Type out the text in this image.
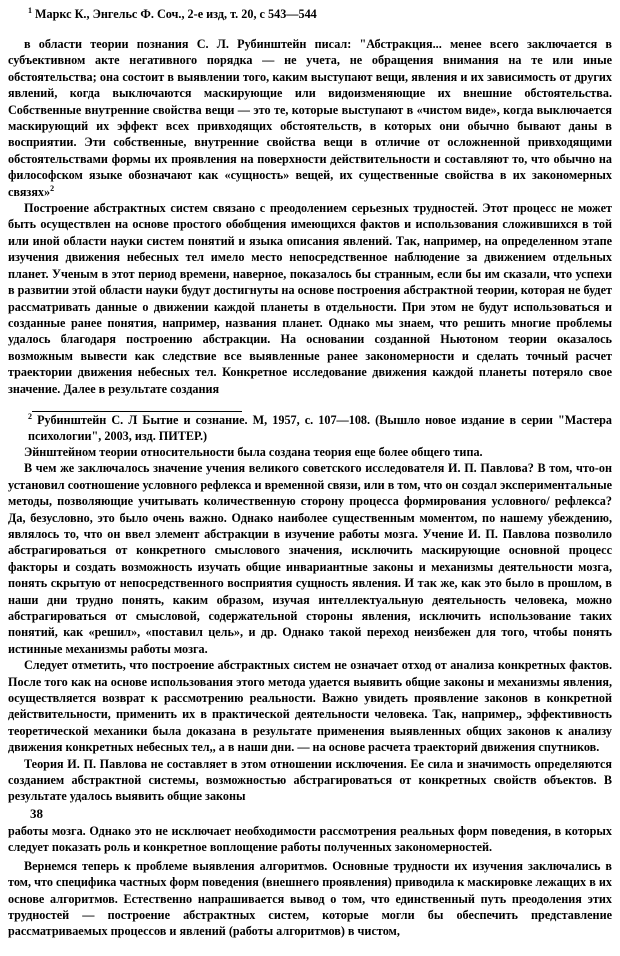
$^1$ Маркс К., Энгельс Ф. Соч., 2-е изд, т. 20, с 543—544

в области теории познания С. Л. Рубинштейн писал: "Абстракция... менее всего заключается в субъективном акте негативного порядка — не учета, не обращения внимания на те или иные обстоятельства; она состоит в выявлении того, каким выступают вещи, явления и их зависимость от других явлений, когда выключаются маскирующие или видоизменяющие их внешние обстоятельства. Собственные внутренние свойства вещи — это те, которые выступают в «чистом виде», когда выключается маскирующий их эффект всех привходящих обстоятельств, в которых они обычно бывают даны в восприятии. Эти собственные, внутренние свойства вещи в отличие от осложненной привходящими обстоятельствами формы их проявления на поверхности действительности и составляют то, что обычно на философском языке обозначают как «сущность» вещей, их существенные свойства в их закономерных связях»$^2$

Построение абстрактных систем связано с преодолением серьезных трудностей. Этот процесс не может быть осуществлен на основе простого обобщения имеющихся фактов и использования сложившихся в той или иной области науки систем понятий и языка описания явлений. Так, например, на определенном этапе изучения движения небесных тел имело место непосредственное наблюдение за движением отдельных планет. Ученым в этот период времени, наверное, показалось бы странным, если бы им сказали, что успехи в развитии этой области науки будут достигнуты на основе построения абстрактной теории, которая не будет рассматривать данные о движении каждой планеты в отдельности. При этом не будут использоваться и созданные ранее понятия, например, названия планет. Однако мы знаем, что решить многие проблемы удалось благодаря построению абстракции. На основании созданной Ньютоном теории оказалось возможным вывести как следствие все выявленные ранее закономерности и сделать точный расчет траектории движения небесных тел. Конкретное исследование движения каждой планеты потеряло свое значение. Далее в результате создания

$^2$ Рубинштейн С. Л Бытие и сознание. М, 1957, с. 107—108. (Вышло новое издание в серии "Мастера психологии", 2003, изд. ПИТЕР.)

Эйнштейном теории относительности была создана теория еще более общего типа.

В чем же заключалось значение учения великого советского исследователя И. П. Павлова? В том, что-он установил соотношение условного рефлекса и временной связи, или в том, что он создал экспериментальные методы, позволяющие учитывать количественную сторону процесса формирования условного/ рефлекса? Да, безусловно, это было очень важно. Однако наиболее существенным моментом, по нашему убеждению, являлось то, что он ввел элемент абстракции в изучение работы мозга. Учение И. П. Павлова позволило абстрагироваться от конкретного смыслового значения, исключить маскирующие основной процесс факторы и создать возможность изучать общие инвариантные законы и механизмы деятельности мозга, понять скрытую от непосредственного восприятия сущность явления. И так же, как это было в прошлом, в наши дни трудно понять, каким образом, изучая интеллектуальную деятельность человека, можно абстрагироваться от смысловой, содержательной стороны явления, исключить использование таких понятий, как «решил», «поставил цель», и др. Однако такой переход неизбежен для того, чтобы понять истинные механизмы работы мозга.

Следует отметить, что построение абстрактных систем не означает отход от анализа конкретных фактов. После того как на основе использования этого метода удается выявить общие законы и механизмы явления, осуществляется возврат к рассмотрению реальности. Важно увидеть проявление законов в конкретной действительности, применить их в практической деятельности человека. Так, например,, эффективность теоретической механики была доказана в результате применения выявленных общих законов к анализу движения конкретных небесных тел,, а в наши дни. — на основе расчета траекторий движения спутников.

Теория И. П. Павлова не составляет в этом отношении исключения. Ее сила и значимость определяются созданием абстрактной системы, возможностью абстрагироваться от конкретных свойств объектов. В результате удалось выявить общие законы

38

работы мозга. Однако это не исключает необходимости рассмотрения реальных форм поведения, в которых следует показать роль и конкретное воплощение работы полученных закономерностей.

Вернемся теперь к проблеме выявления алгоритмов. Основные трудности их изучения заключались в том, что специфика частных форм поведения (внешнего проявления) приводила к маскировке лежащих в их основе алгоритмов. Естественно напрашивается вывод о том, что единственный путь преодоления этих трудностей — построение абстрактных систем, которые могли бы обеспечить представление рассматриваемых процессов и явлений (работы алгоритмов) в чистом,
